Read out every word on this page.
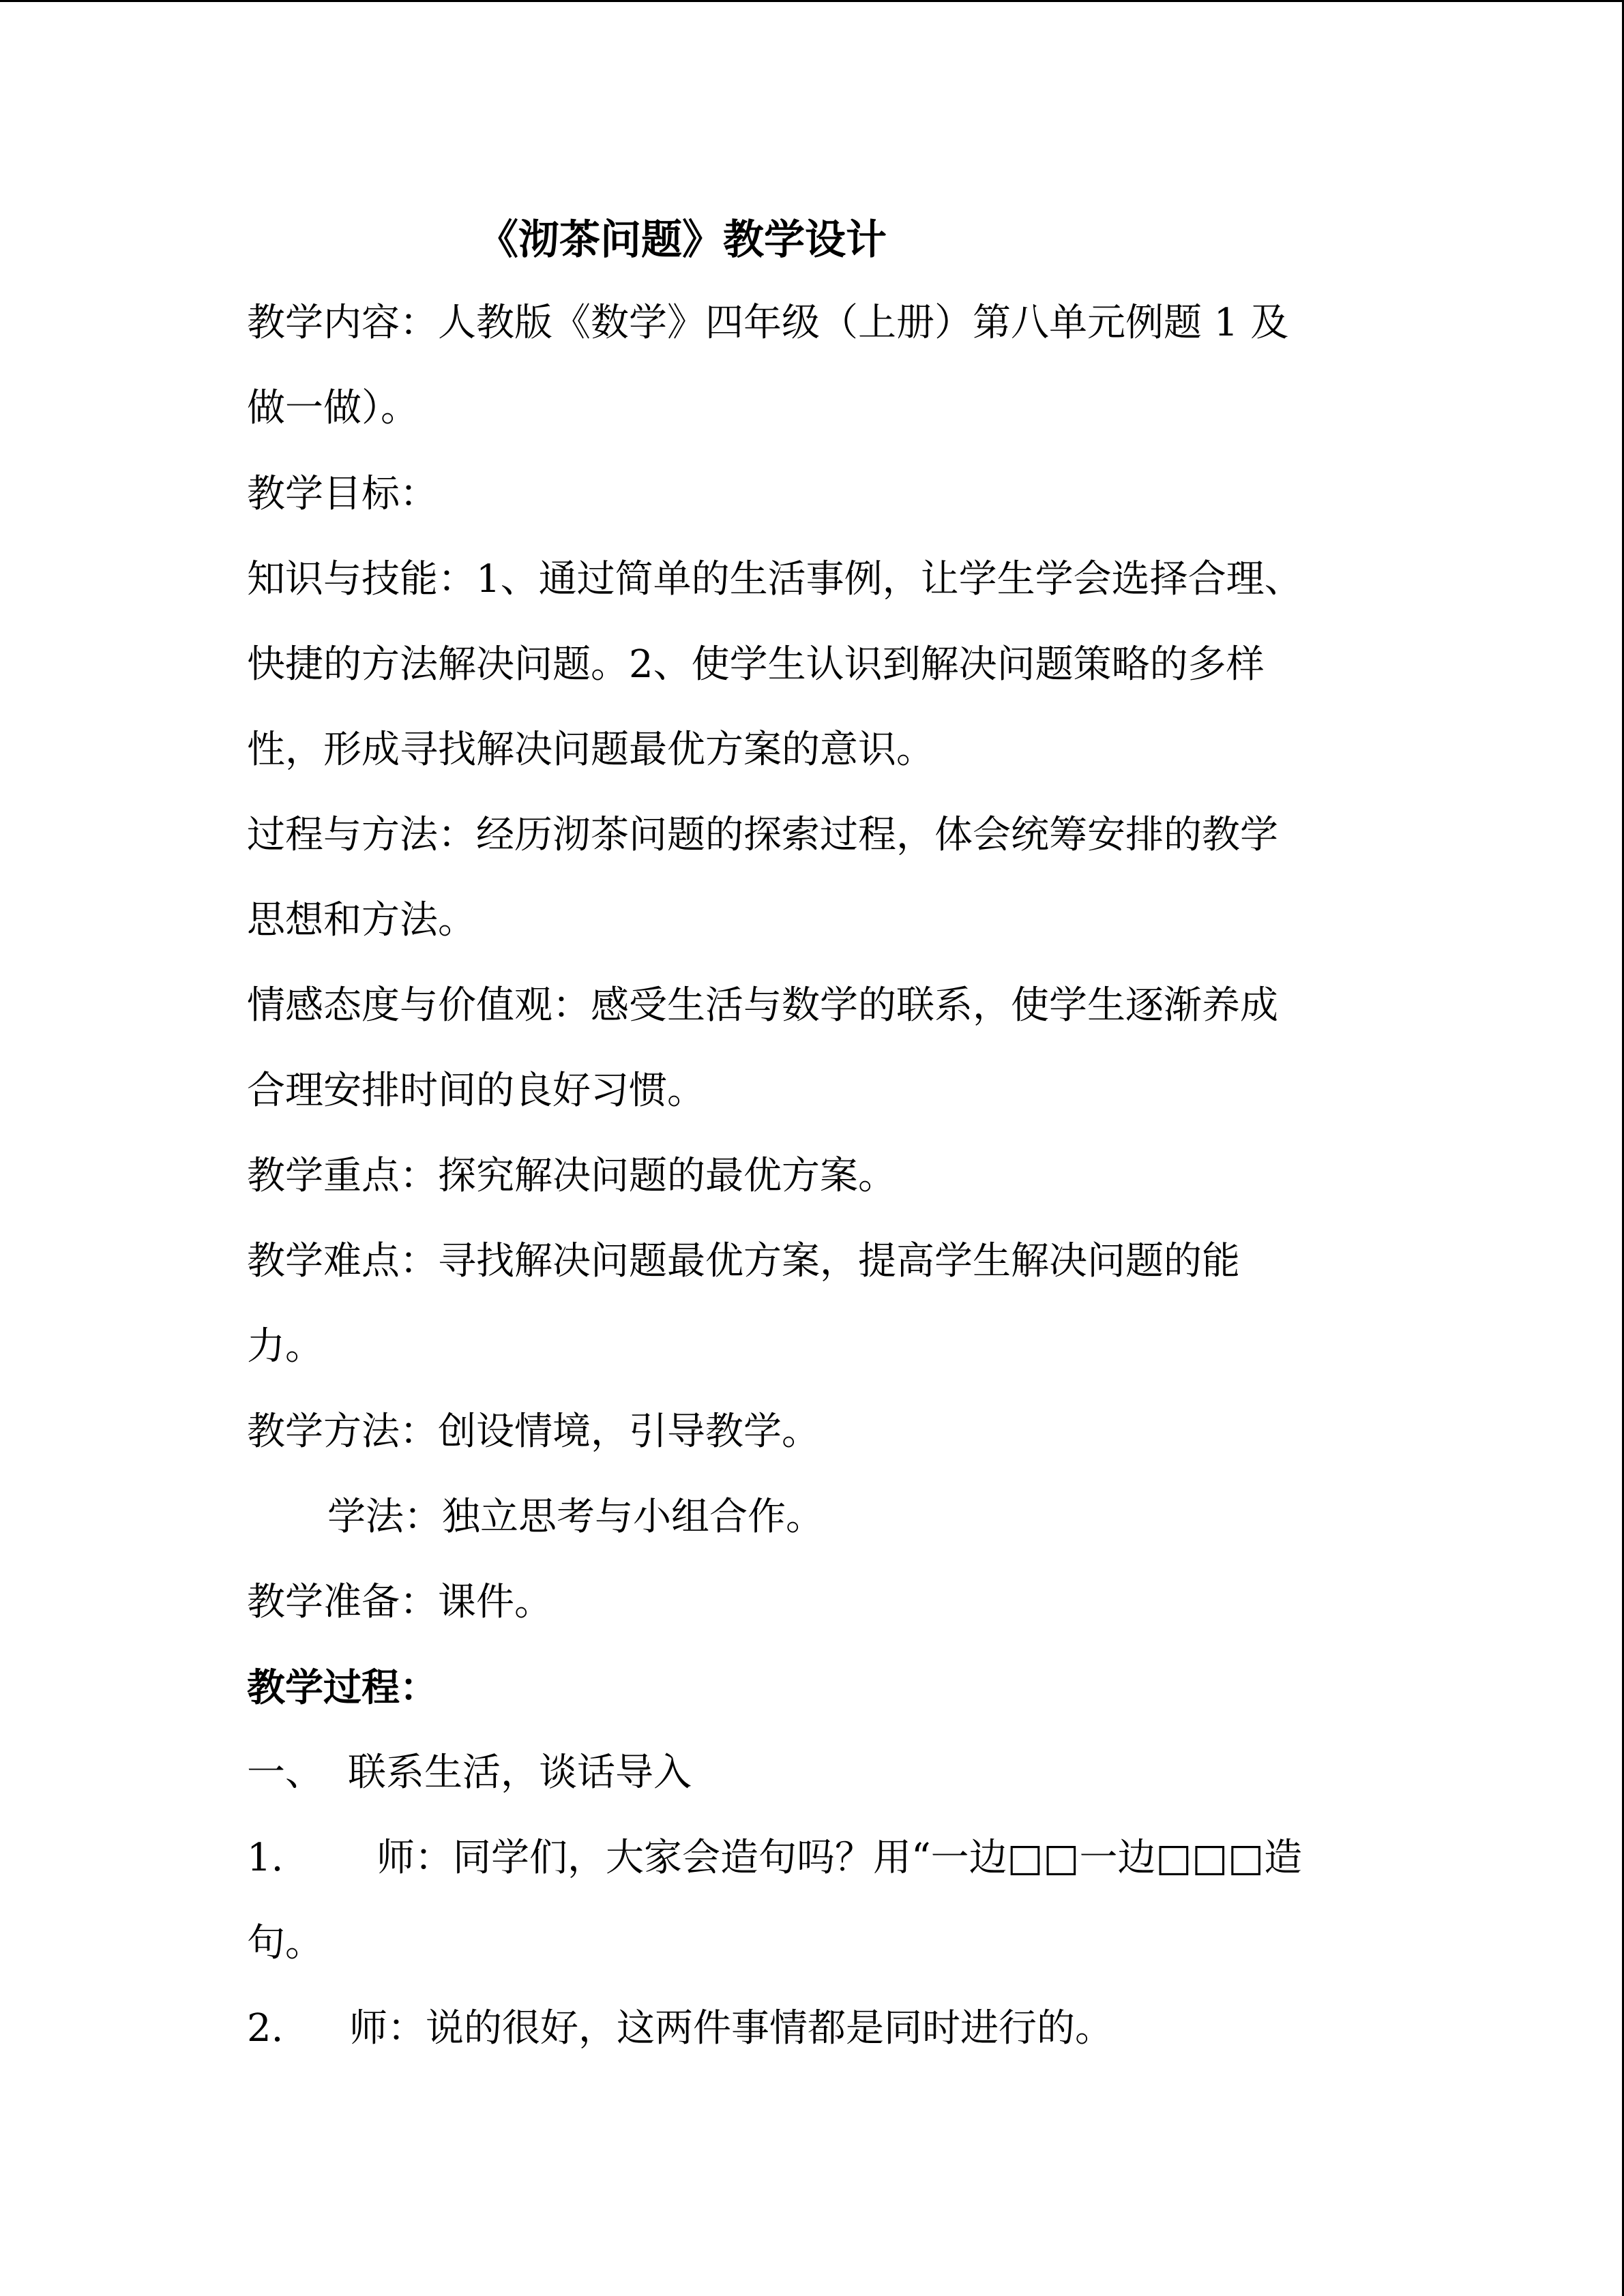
《沏茶问题》教学设计
教学内容：人教版《数学》四年级（上册）第八单元例题 1 及
做一做）。
教学目标：
知识与技能：1、通过简单的生活事例，让学生学会选择合理、
快捷的方法解决问题。2、使学生认识到解决问题策略的多样
性，形成寻找解决问题最优方案的意识。
过程与方法：经历沏茶问题的探索过程，体会统筹安排的教学
思想和方法。
情感态度与价值观：感受生活与数学的联系，使学生逐渐养成
合理安排时间的良好习惯。
教学重点：探究解决问题的最优方案。
教学难点：寻找解决问题最优方案，提高学生解决问题的能
力。
教学方法：创设情境，引导教学。
学法：独立思考与小组合作。
教学准备：课件。
教学过程：
一、 联系生活，谈话导入
1. 师：同学们，大家会造句吗？用“一边□□一边□□□造
句。
2. 师：说的很好，这两件事情都是同时进行的。
